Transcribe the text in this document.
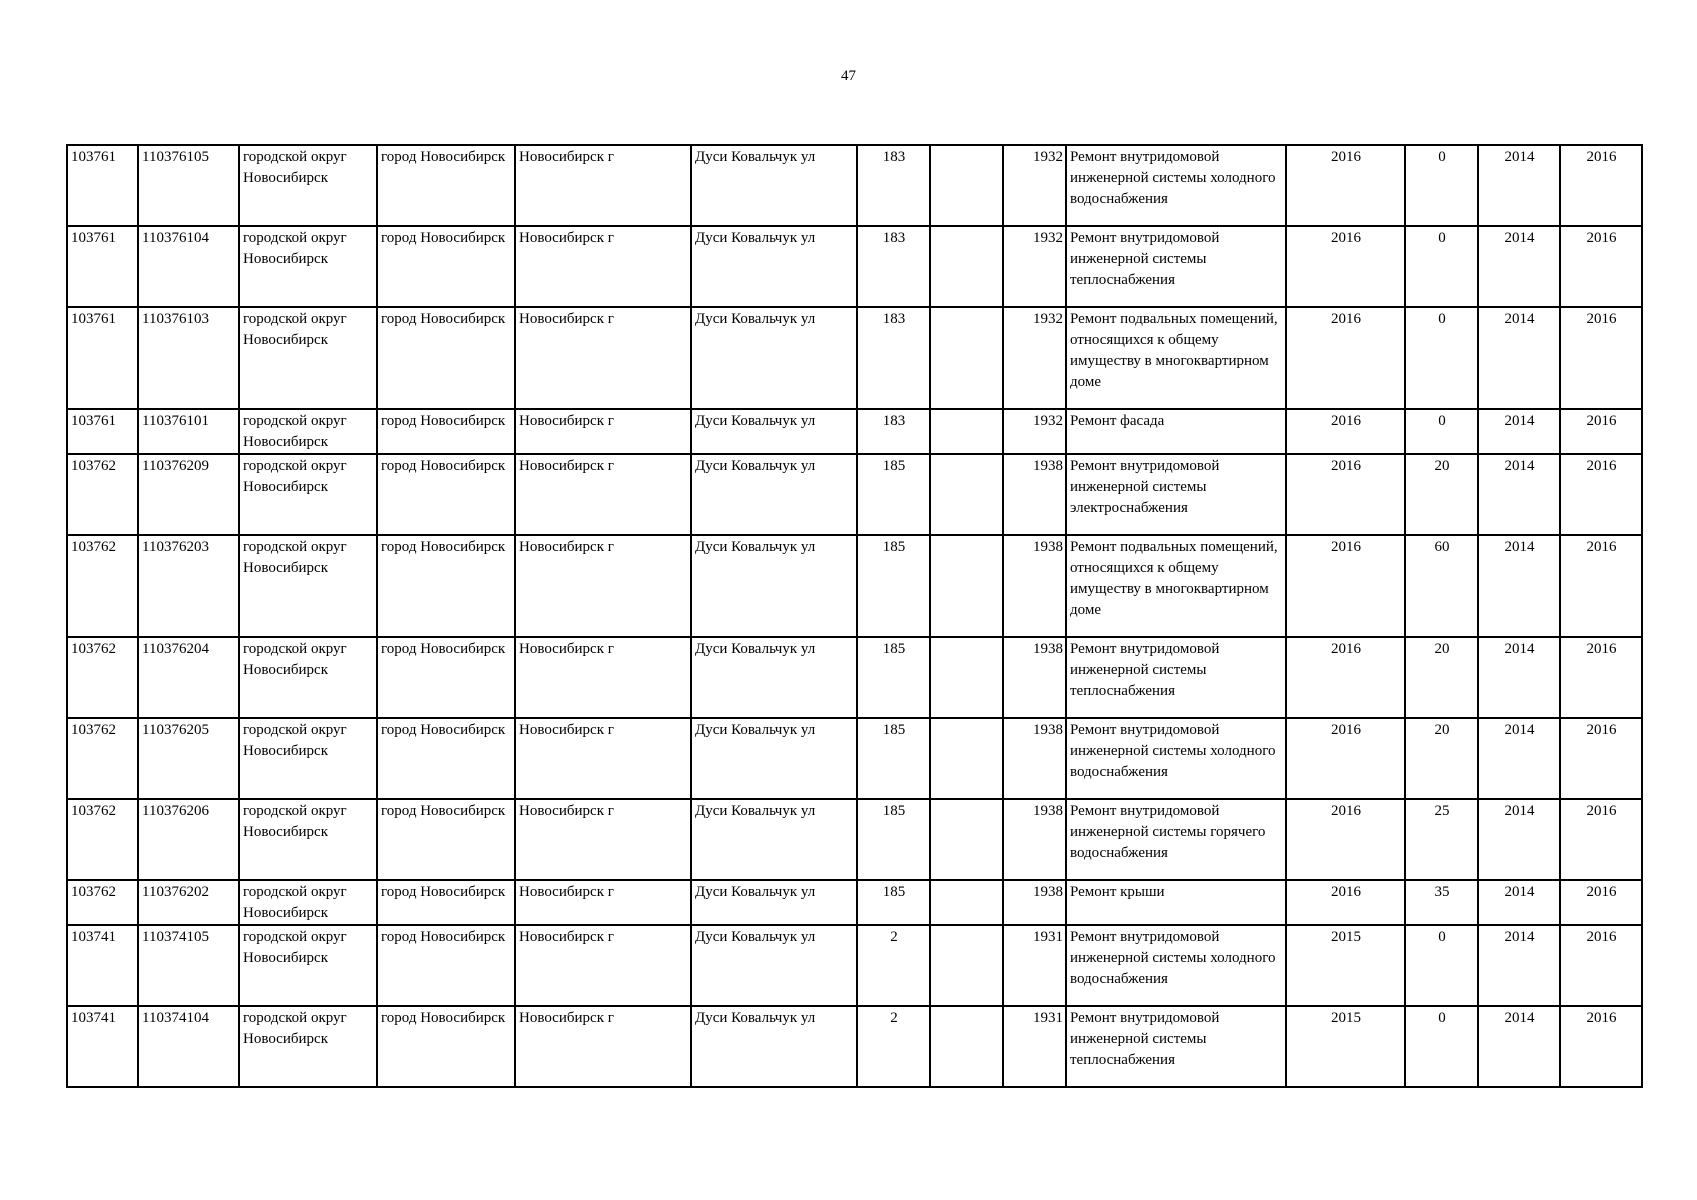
47
103761	110376105	городской округ Новосибирск	город Новосибирск	Новосибирск г	Дуси Ковальчук ул	183		1932	Ремонт внутридомовой инженерной системы холодного водоснабжения	2016	0	2014	2016
103761	110376104	городской округ Новосибирск	город Новосибирск	Новосибирск г	Дуси Ковальчук ул	183		1932	Ремонт внутридомовой инженерной системы теплоснабжения	2016	0	2014	2016
103761	110376103	городской округ Новосибирск	город Новосибирск	Новосибирск г	Дуси Ковальчук ул	183		1932	Ремонт подвальных помещений, относящихся к общему имуществу в многоквартирном доме	2016	0	2014	2016
103761	110376101	городской округ Новосибирск	город Новосибирск	Новосибирск г	Дуси Ковальчук ул	183		1932	Ремонт фасада	2016	0	2014	2016
103762	110376209	городской округ Новосибирск	город Новосибирск	Новосибирск г	Дуси Ковальчук ул	185		1938	Ремонт внутридомовой инженерной системы электроснабжения	2016	20	2014	2016
103762	110376203	городской округ Новосибирск	город Новосибирск	Новосибирск г	Дуси Ковальчук ул	185		1938	Ремонт подвальных помещений, относящихся к общему имуществу в многоквартирном доме	2016	60	2014	2016
103762	110376204	городской округ Новосибирск	город Новосибирск	Новосибирск г	Дуси Ковальчук ул	185		1938	Ремонт внутридомовой инженерной системы теплоснабжения	2016	20	2014	2016
103762	110376205	городской округ Новосибирск	город Новосибирск	Новосибирск г	Дуси Ковальчук ул	185		1938	Ремонт внутридомовой инженерной системы холодного водоснабжения	2016	20	2014	2016
103762	110376206	городской округ Новосибирск	город Новосибирск	Новосибирск г	Дуси Ковальчук ул	185		1938	Ремонт внутридомовой инженерной системы горячего водоснабжения	2016	25	2014	2016
103762	110376202	городской округ Новосибирск	город Новосибирск	Новосибирск г	Дуси Ковальчук ул	185		1938	Ремонт крыши	2016	35	2014	2016
103741	110374105	городской округ Новосибирск	город Новосибирск	Новосибирск г	Дуси Ковальчук ул	2		1931	Ремонт внутридомовой инженерной системы холодного водоснабжения	2015	0	2014	2016
103741	110374104	городской округ Новосибирск	город Новосибирск	Новосибирск г	Дуси Ковальчук ул	2		1931	Ремонт внутридомовой инженерной системы теплоснабжения	2015	0	2014	2016
